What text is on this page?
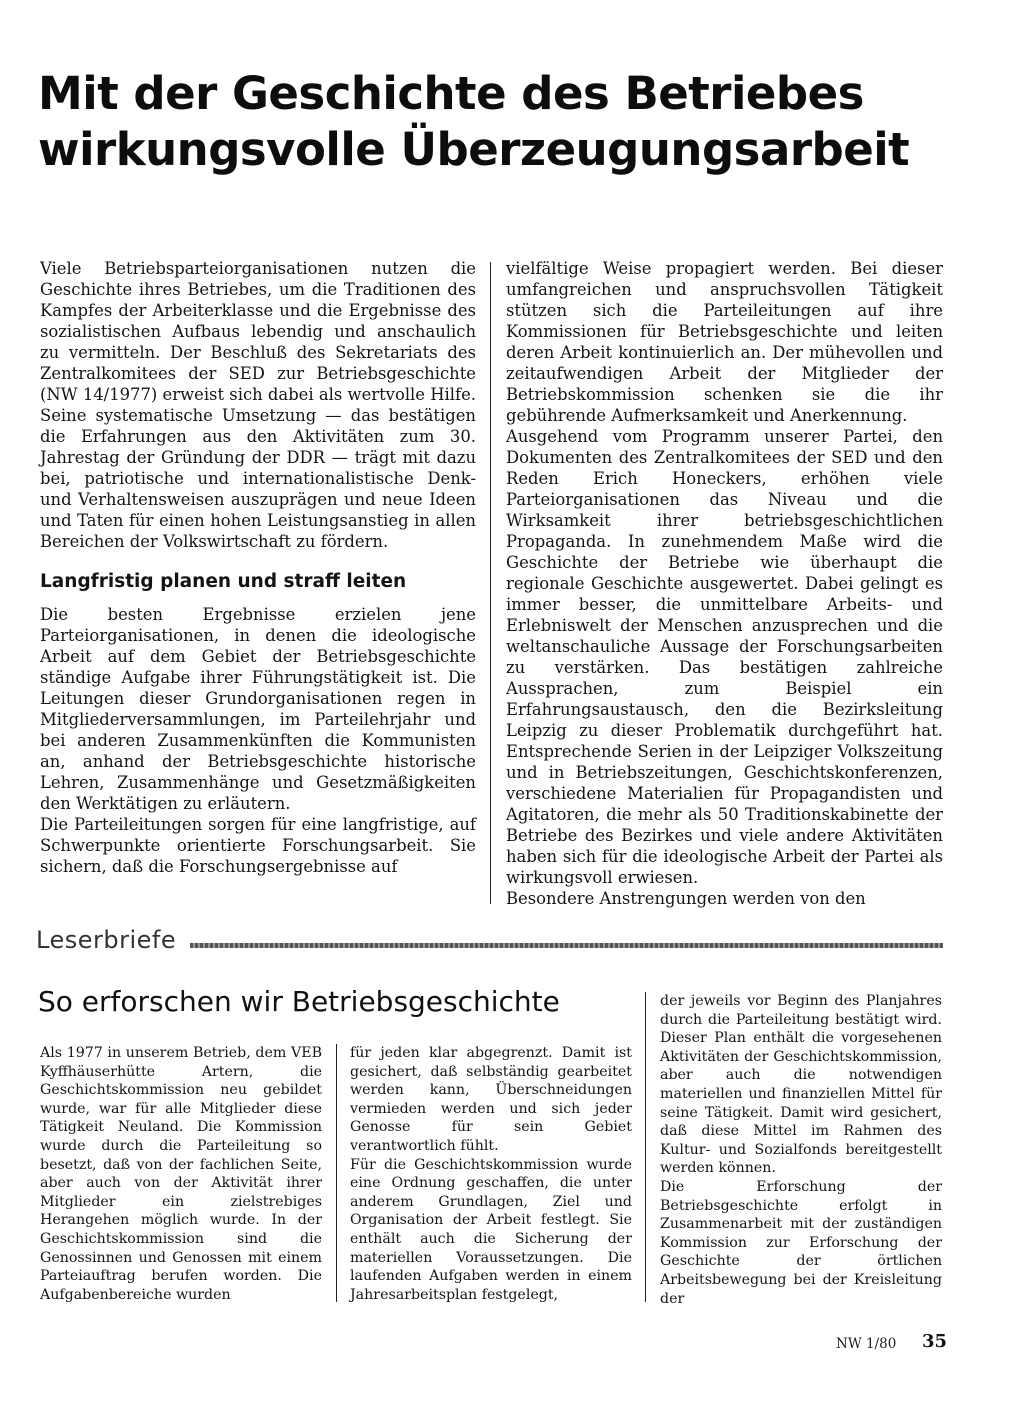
Mit der Geschichte des Betriebes wirkungsvolle Überzeugungsarbeit

Viele Betriebsparteiorganisationen nutzen die Geschichte ihres Betriebes, um die Traditionen des Kampfes der Arbeiterklasse und die Ergebnisse des sozialistischen Aufbaus lebendig und anschaulich zu vermitteln. Der Beschluß des Sekretariats des Zentralkomitees der SED zur Betriebsgeschichte (NW 14/1977) erweist sich dabei als wertvolle Hilfe. Seine systematische Umsetzung — das bestätigen die Erfahrungen aus den Aktivitäten zum 30. Jahrestag der Gründung der DDR — trägt mit dazu bei, patriotische und internationalistische Denk- und Verhaltensweisen auszuprägen und neue Ideen und Taten für einen hohen Leistungsanstieg in allen Bereichen der Volkswirtschaft zu fördern.

Langfristig planen und straff leiten

Die besten Ergebnisse erzielen jene Parteiorganisationen, in denen die ideologische Arbeit auf dem Gebiet der Betriebsgeschichte ständige Aufgabe ihrer Führungstätigkeit ist. Die Leitungen dieser Grundorganisationen regen in Mitgliederversammlungen, im Parteilehrjahr und bei anderen Zusammenkünften die Kommunisten an, anhand der Betriebsgeschichte historische Lehren, Zusammenhänge und Gesetzmäßigkeiten den Werktätigen zu erläutern.

Die Parteileitungen sorgen für eine langfristige, auf Schwerpunkte orientierte Forschungsarbeit. Sie sichern, daß die Forschungsergebnisse auf

vielfältige Weise propagiert werden. Bei dieser umfangreichen und anspruchsvollen Tätigkeit stützen sich die Parteileitungen auf ihre Kommissionen für Betriebsgeschichte und leiten deren Arbeit kontinuierlich an. Der mühevollen und zeitaufwendigen Arbeit der Mitglieder der Betriebskommission schenken sie die ihr gebührende Aufmerksamkeit und Anerkennung.

Ausgehend vom Programm unserer Partei, den Dokumenten des Zentralkomitees der SED und den Reden Erich Honeckers, erhöhen viele Parteiorganisationen das Niveau und die Wirksamkeit ihrer betriebsgeschichtlichen Propaganda. In zunehmendem Maße wird die Geschichte der Betriebe wie überhaupt die regionale Geschichte ausgewertet. Dabei gelingt es immer besser, die unmittelbare Arbeits- und Erlebniswelt der Menschen anzusprechen und die weltanschauliche Aussage der Forschungsarbeiten zu verstärken. Das bestätigen zahlreiche Aussprachen, zum Beispiel ein Erfahrungsaustausch, den die Bezirksleitung Leipzig zu dieser Problematik durchgeführt hat. Entsprechende Serien in der Leipziger Volkszeitung und in Betriebszeitungen, Geschichtskonferenzen, verschiedene Materialien für Propagandisten und Agitatoren, die mehr als 50 Traditionskabinette der Betriebe des Bezirkes und viele andere Aktivitäten haben sich für die ideologische Arbeit der Partei als wirkungsvoll erwiesen.

Besondere Anstrengungen werden von den

Leserbriefe
So erforschen wir Betriebsgeschichte

Als 1977 in unserem Betrieb, dem VEB Kyffhäuserhütte Artern, die Geschichtskommission neu gebildet wurde, war für alle Mitglieder diese Tätigkeit Neuland. Die Kommission wurde durch die Parteileitung so besetzt, daß von der fachlichen Seite, aber auch von der Aktivität ihrer Mitglieder ein zielstrebiges Herangehen möglich wurde. In der Geschichtskommission sind die Genossinnen und Genossen mit einem Parteiauftrag berufen worden. Die Aufgabenbereiche wurden

für jeden klar abgegrenzt. Damit ist gesichert, daß selbständig gearbeitet werden kann, Überschneidungen vermieden werden und sich jeder Genosse für sein Gebiet verantwortlich fühlt.

Für die Geschichtskommission wurde eine Ordnung geschaffen, die unter anderem Grundlagen, Ziel und Organisation der Arbeit festlegt. Sie enthält auch die Sicherung der materiellen Voraussetzungen. Die laufenden Aufgaben werden in einem Jahresarbeitsplan festgelegt,

der jeweils vor Beginn des Planjahres durch die Parteileitung bestätigt wird. Dieser Plan enthält die vorgesehenen Aktivitäten der Geschichtskommission, aber auch die notwendigen materiellen und finanziellen Mittel für seine Tätigkeit. Damit wird gesichert, daß diese Mittel im Rahmen des Kultur- und Sozialfonds bereitgestellt werden können.

Die Erforschung der Betriebsgeschichte erfolgt in Zusammenarbeit mit der zuständigen Kommission zur Erforschung der Geschichte der örtlichen Arbeitsbewegung bei der Kreisleitung der

NW 1/80 35
